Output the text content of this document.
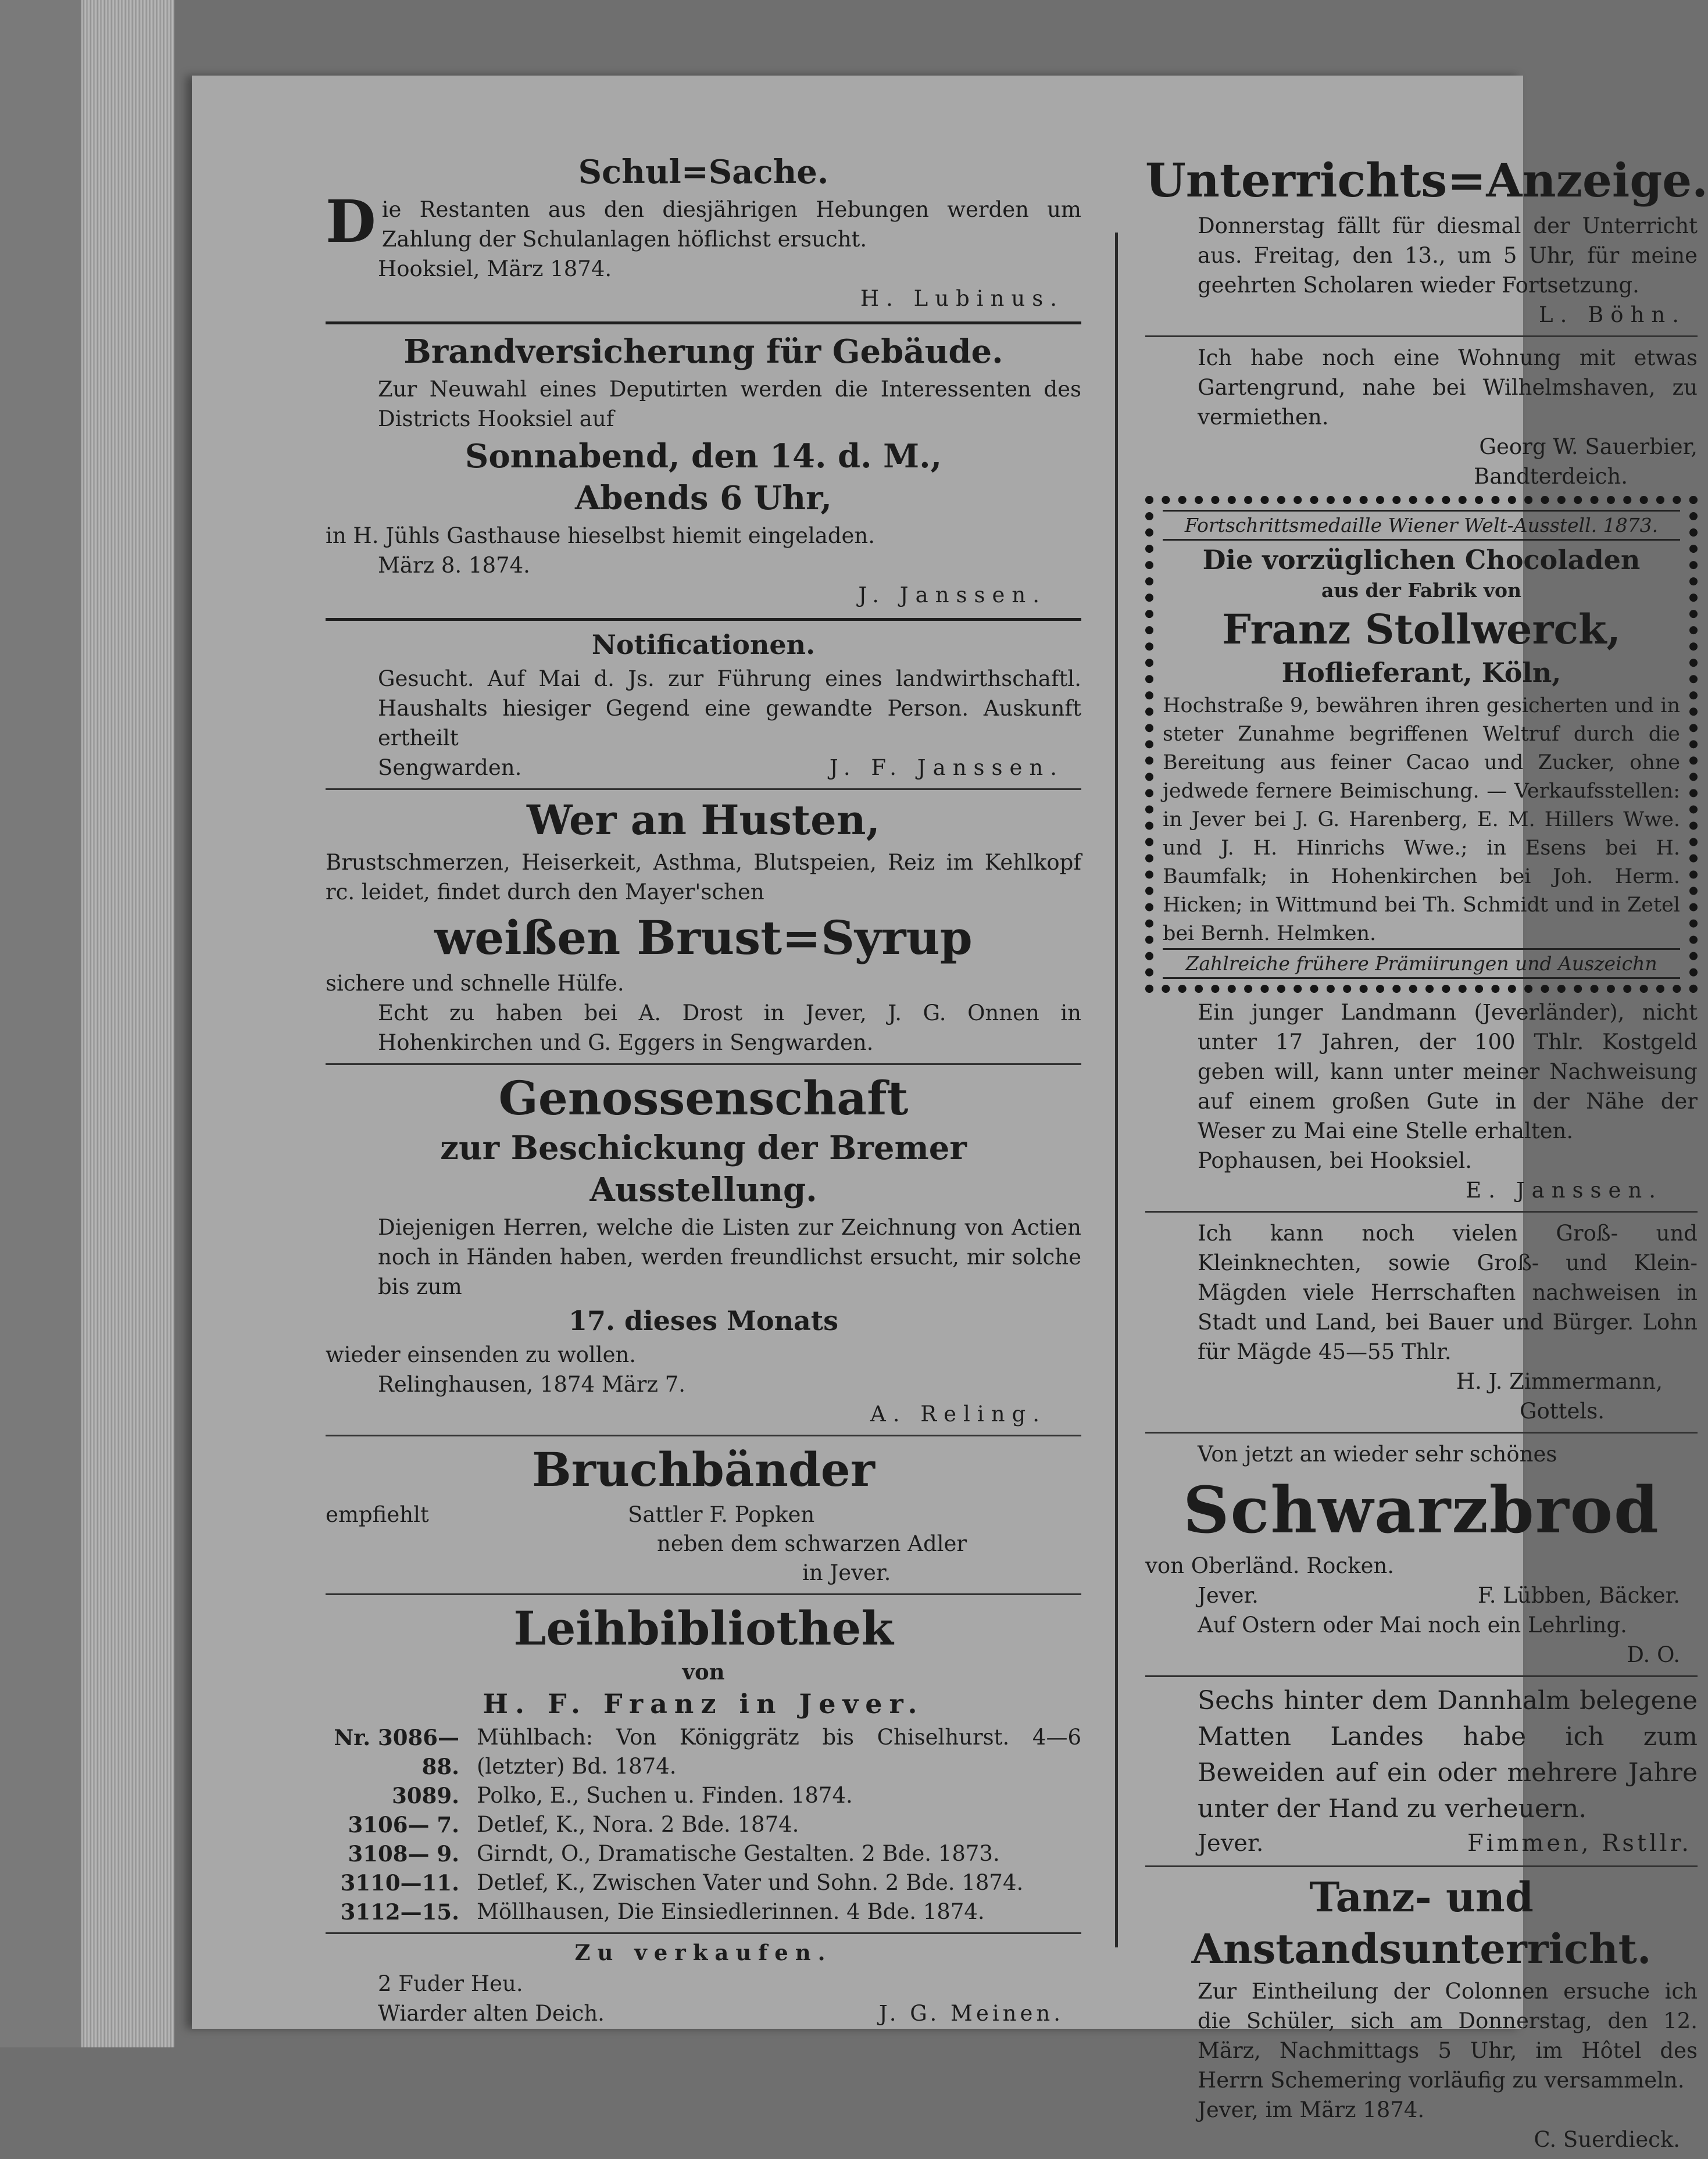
Schul=Sache.

Die Restanten aus den diesjährigen Hebungen werden um Zahlung der Schulanlagen höflichst ersucht.

Hooksiel, März 1874.

H. Lubinus.

Brandversicherung für Gebäude.

Zur Neuwahl eines Deputirten werden die Interessenten des Districts Hooksiel auf

Sonnabend, den 14. d. M.,
Abends 6 Uhr,

in H. Jühls Gasthause hieselbst hiemit eingeladen.

März 8. 1874.

J. Janssen.

Notificationen.

Gesucht. Auf Mai d. Js. zur Führung eines landwirthschaftl. Haushalts hiesiger Gegend eine gewandte Person. Auskunft ertheilt

Sengwarden.	J. F. Janssen.
Wer an Husten,

Brustschmerzen, Heiserkeit, Asthma, Blutspeien, Reiz im Kehlkopf rc. leidet, findet durch den Mayer'schen

weißen Brust=Syrup

sichere und schnelle Hülfe.

Echt zu haben bei A. Drost in Jever, J. G. Onnen in Hohenkirchen und G. Eggers in Sengwarden.

Genossenschaft
zur Beschickung der Bremer
Ausstellung.

Diejenigen Herren, welche die Listen zur Zeichnung von Actien noch in Händen haben, werden freundlichst ersucht, mir solche bis zum

17. dieses Monats

wieder einsenden zu wollen.

Relinghausen, 1874 März 7.

A. Reling.

Bruchbänder
empfiehlt	Sattler F. Popken
neben dem schwarzen Adler
in Jever.
Leihbibliothek
von
H. F. Franz in Jever.
Nr. 3086—88.	Mühlbach: Von Königgrätz bis Chiselhurst. 4—6 (letzter) Bd. 1874.
3089.	Polko, E., Suchen u. Finden. 1874.
3106— 7.	Detlef, K., Nora. 2 Bde. 1874.
3108— 9.	Girndt, O., Dramatische Gestalten. 2 Bde. 1873.
3110—11.	Detlef, K., Zwischen Vater und Sohn. 2 Bde. 1874.
3112—15.	Möllhausen, Die Einsiedlerinnen. 4 Bde. 1874.
Zu verkaufen.

2 Fuder Heu.

Wiarder alten Deich.	J. G. Meinen.
Unterrichts=Anzeige.

Donnerstag fällt für diesmal der Unterricht aus. Freitag, den 13., um 5 Uhr, für meine geehrten Scholaren wieder Fortsetzung.

L. Böhn.

Ich habe noch eine Wohnung mit etwas Gartengrund, nahe bei Wilhelmshaven, zu vermiethen.

Georg W. Sauerbier,

Bandterdeich.

Fortschrittsmedaille Wiener Welt-Ausstell. 1873.
Die vorzüglichen Chocoladen
aus der Fabrik von
Franz Stollwerck,
Hoflieferant, Köln,

Hochstraße 9, bewähren ihren gesicherten und in steter Zunahme begriffenen Weltruf durch die Bereitung aus feiner Cacao und Zucker, ohne jedwede fernere Beimischung. — Verkaufsstellen: in Jever bei J. G. Harenberg, E. M. Hillers Wwe. und J. H. Hinrichs Wwe.; in Esens bei H. Baumfalk; in Hohenkirchen bei Joh. Herm. Hicken; in Wittmund bei Th. Schmidt und in Zetel bei Bernh. Helmken.

Zahlreiche frühere Prämiirungen und Auszeichn

Ein junger Landmann (Jeverländer), nicht unter 17 Jahren, der 100 Thlr. Kostgeld geben will, kann unter meiner Nachweisung auf einem großen Gute in der Nähe der Weser zu Mai eine Stelle erhalten.

Pophausen, bei Hooksiel.

E. Janssen.

Ich kann noch vielen Groß- und Kleinknechten, sowie Groß- und Klein-Mägden viele Herrschaften nachweisen in Stadt und Land, bei Bauer und Bürger. Lohn für Mägde 45—55 Thlr.

H. J. Zimmermann,

Gottels.

Von jetzt an wieder sehr schönes

Schwarzbrod

von Oberländ. Rocken.

Jever.	F. Lübben, Bäcker.

Auf Ostern oder Mai noch ein Lehrling.

D. O.

Sechs hinter dem Dannhalm belegene Matten Landes habe ich zum Beweiden auf ein oder mehrere Jahre unter der Hand zu verheuern.

Jever.	Fimmen, Rstllr.
Tanz- und
Anstandsunterricht.

Zur Eintheilung der Colonnen ersuche ich die Schüler, sich am Donnerstag, den 12. März, Nachmittags 5 Uhr, im Hôtel des Herrn Schemering vorläufig zu versammeln.

Jever, im März 1874.

C. Suerdieck.
